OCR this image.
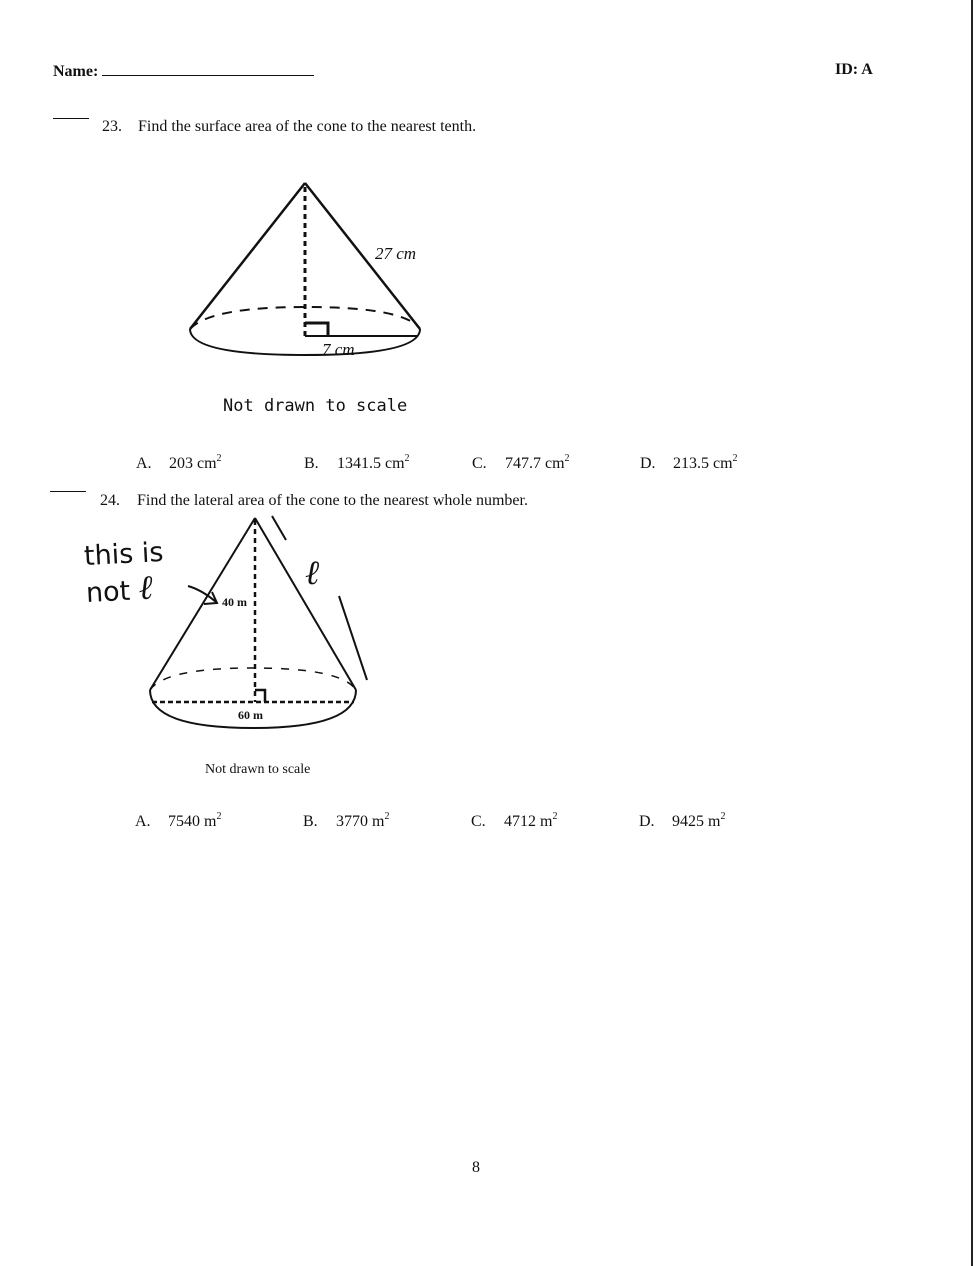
Name:	ID: A
23. Find the surface area of the cone to the nearest tenth.
27 cm
7 cm
Not drawn to scale
A. 203 $cm^2$	B. 1341.5 $cm^2$	C. 747.7 $cm^2$	D. 213.5 $cm^2$
24. Find the lateral area of the cone to the nearest whole number.
40 m
60 m
ℓ
this is
not ℓ
Not drawn to scale
A. 7540 $m^2$	B. 3770 $m^2$	C. 4712 $m^2$	D. 9425 $m^2$
8
